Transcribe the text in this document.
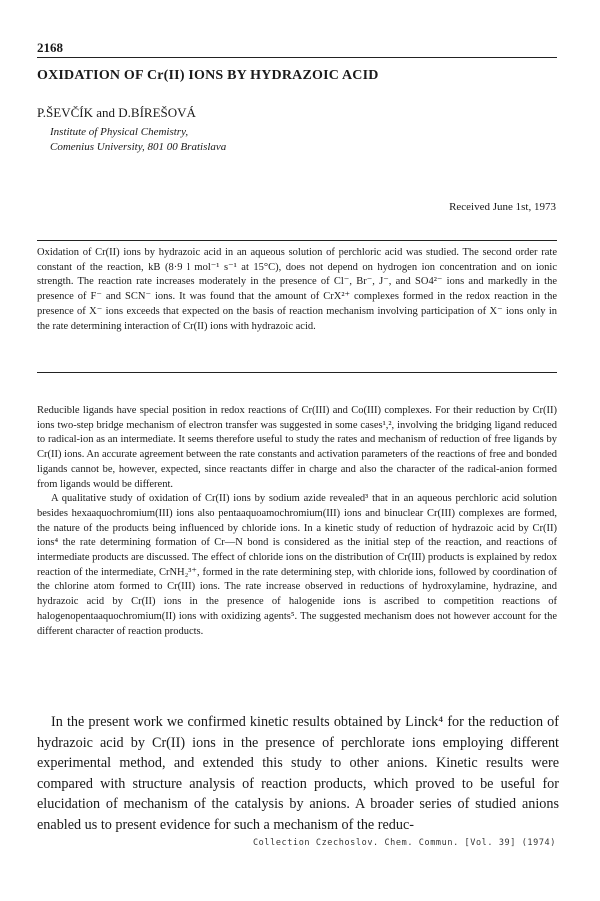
2168
OXIDATION OF Cr(II) IONS BY HYDRAZOIC ACID
P.ŠEVČÍK and D.BÍREŠOVÁ
Institute of Physical Chemistry,
Comenius University, 801 00 Bratislava
Received June 1st, 1973

Oxidation of Cr(II) ions by hydrazoic acid in an aqueous solution of perchloric acid was studied. The second order rate constant of the reaction, kB (8·9 l mol⁻¹ s⁻¹ at 15°C), does not depend on hydrogen ion concentration and on ionic strength. The reaction rate increases moderately in the presence of Cl⁻, Br⁻, J⁻, and SO4²⁻ ions and markedly in the presence of F⁻ and SCN⁻ ions. It was found that the amount of CrX²⁺ complexes formed in the redox reaction in the presence of X⁻ ions exceeds that expected on the basis of reaction mechanism involving participation of X⁻ ions only in the rate determining interaction of Cr(II) ions with hydrazoic acid.

Reducible ligands have special position in redox reactions of Cr(III) and Co(III) complexes. For their reduction by Cr(II) ions two-step bridge mechanism of electron transfer was suggested in some cases¹,², involving the bridging ligand reduced to radical-ion as an intermediate. It seems therefore useful to study the rates and mechanism of reduction of free ligands by Cr(II) ions. An accurate agreement between the rate constants and activation parameters of the reactions of free and bonded ligands cannot be, however, expected, since reactants differ in charge and also the character of the radical-anion formed from ligands would be different.

A qualitative study of oxidation of Cr(II) ions by sodium azide revealed³ that in an aqueous perchloric acid solution besides hexaaquochromium(III) ions also pentaaquoamochromium(III) ions and binuclear Cr(III) complexes are formed, the nature of the products being influenced by chloride ions. In a kinetic study of reduction of hydrazoic acid by Cr(II) ions⁴ the rate determining formation of Cr—N bond is considered as the initial step of the reaction, and reactions of intermediate products are discussed. The effect of chloride ions on the distribution of Cr(III) products is explained by redox reaction of the intermediate, CrNH₂³⁺, formed in the rate determining step, with chloride ions, followed by coordination of the chlorine atom formed to Cr(III) ions. The rate increase observed in reductions of hydroxylamine, hydrazine, and hydrazoic acid by Cr(II) ions in the presence of halogenide ions is ascribed to competition reactions of halogenopentaaquochromium(II) ions with oxidizing agents⁵. The suggested mechanism does not however account for the different character of reaction products.

In the present work we confirmed kinetic results obtained by Linck⁴ for the reduction of hydrazoic acid by Cr(II) ions in the presence of perchlorate ions employing different experimental method, and extended this study to other anions. Kinetic results were compared with structure analysis of reaction products, which proved to be useful for elucidation of mechanism of the catalysis by anions. A broader series of studied anions enabled us to present evidence for such a mechanism of the reduc-

Collection Czechoslov. Chem. Commun. [Vol. 39] (1974)
